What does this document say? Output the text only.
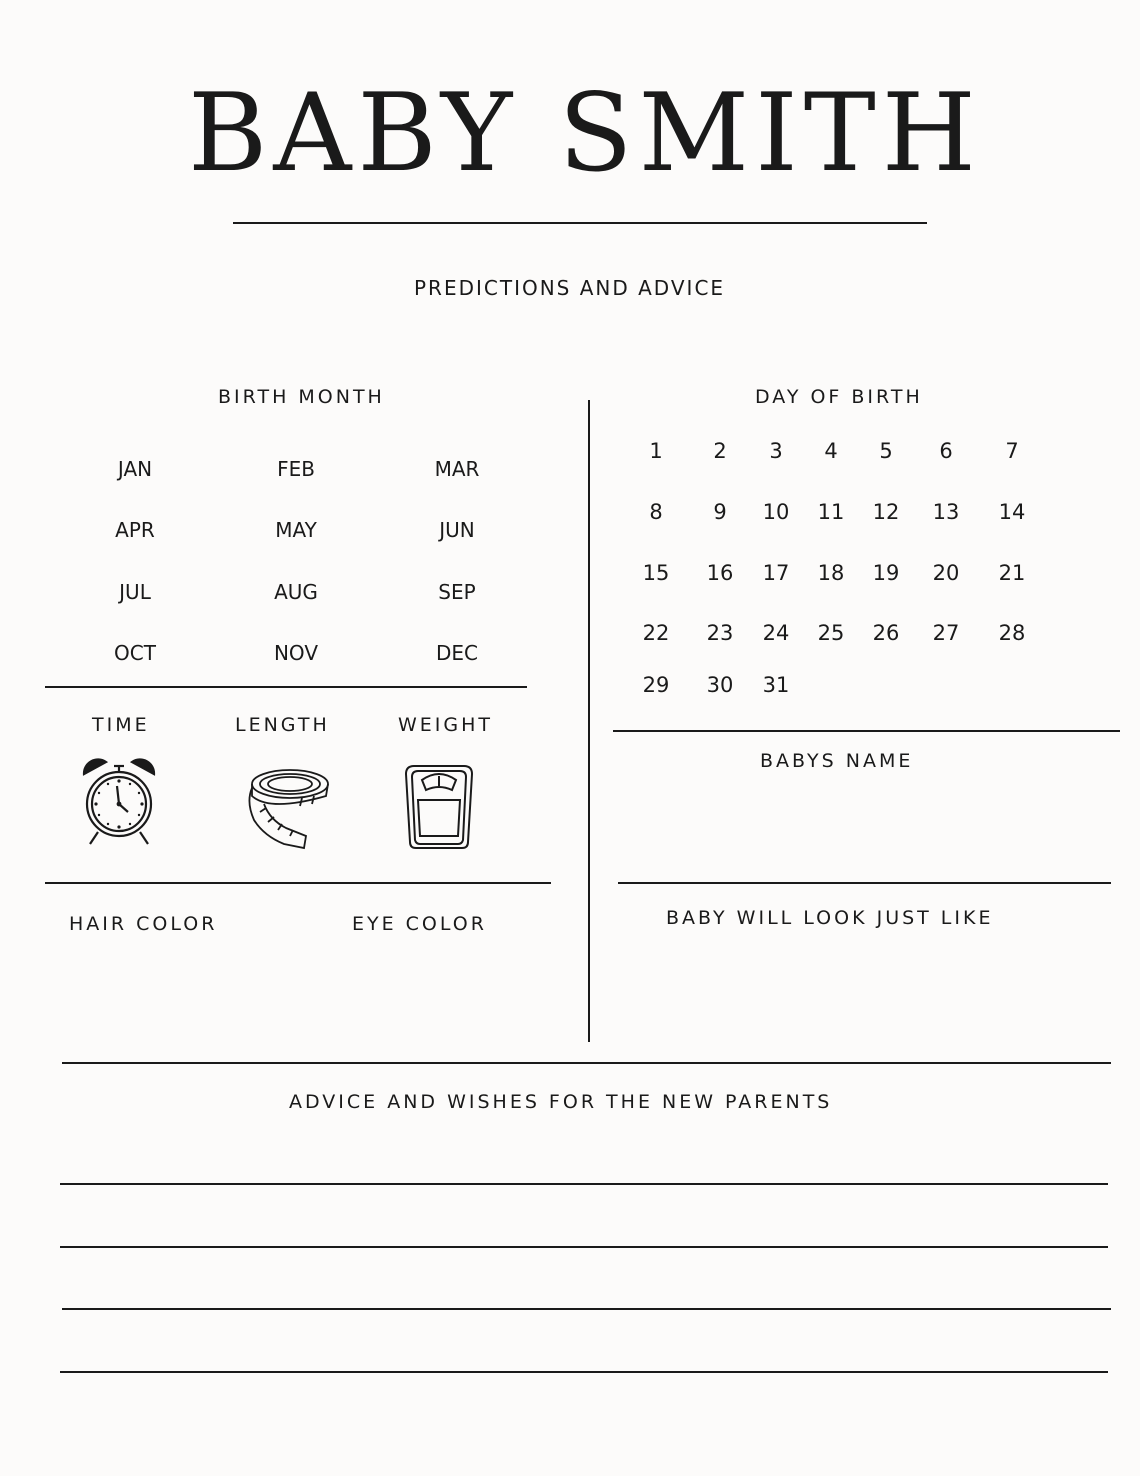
BABY SMITH
PREDICTIONS AND ADVICE
BIRTH MONTH
JAN	FEB	MAR
APR	MAY	JUN
JUL	AUG	SEP
OCT	NOV	DEC
DAY OF BIRTH
1	2	3	4	5	6	7
8	9	10	11	12	13	14
15	16	17	18	19	20	21
22	23	24	25	26	27	28
29	30	31
TIME	LENGTH	WEIGHT
HAIR COLOR	EYE COLOR
BABYS NAME
BABY WILL LOOK JUST LIKE
ADVICE AND WISHES FOR THE NEW PARENTS
